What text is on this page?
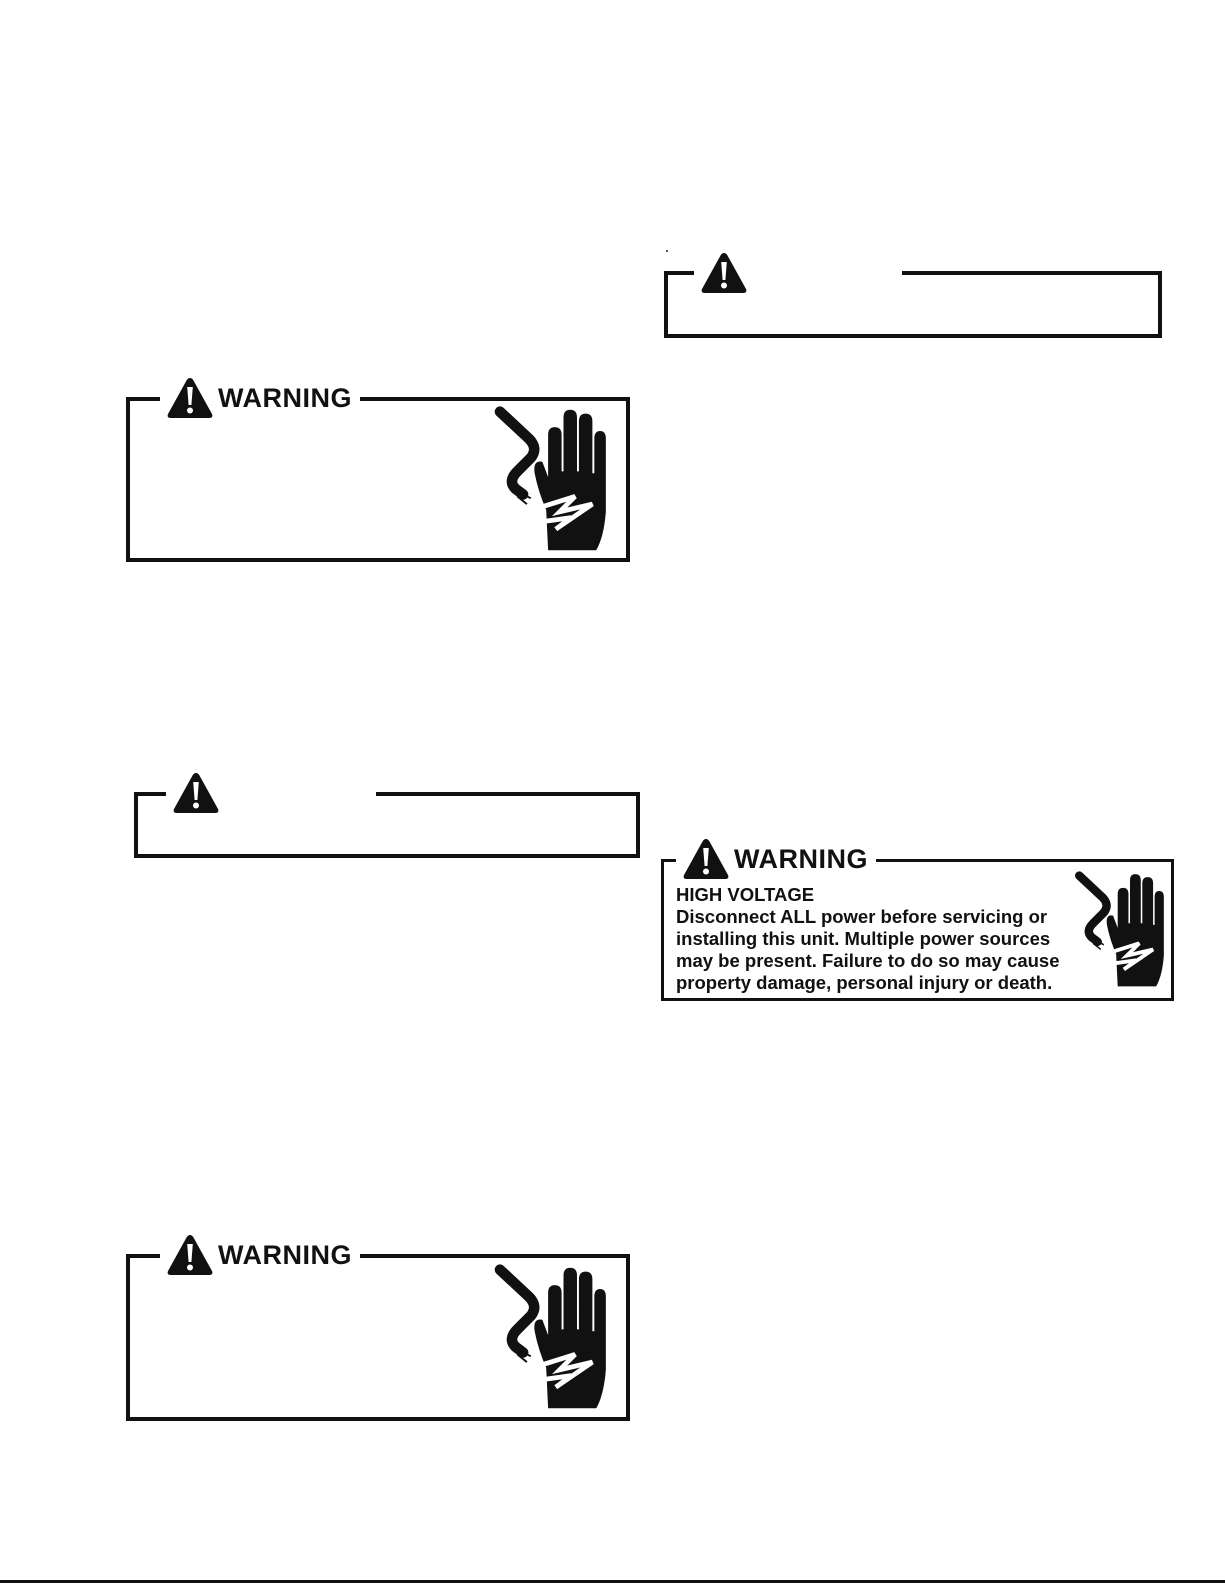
WARNING
WARNING
WARNING
HIGH VOLTAGE
Disconnect ALL power before servicing or
installing this unit. Multiple power sources
may be present. Failure to do so may cause
property damage, personal injury or death.
